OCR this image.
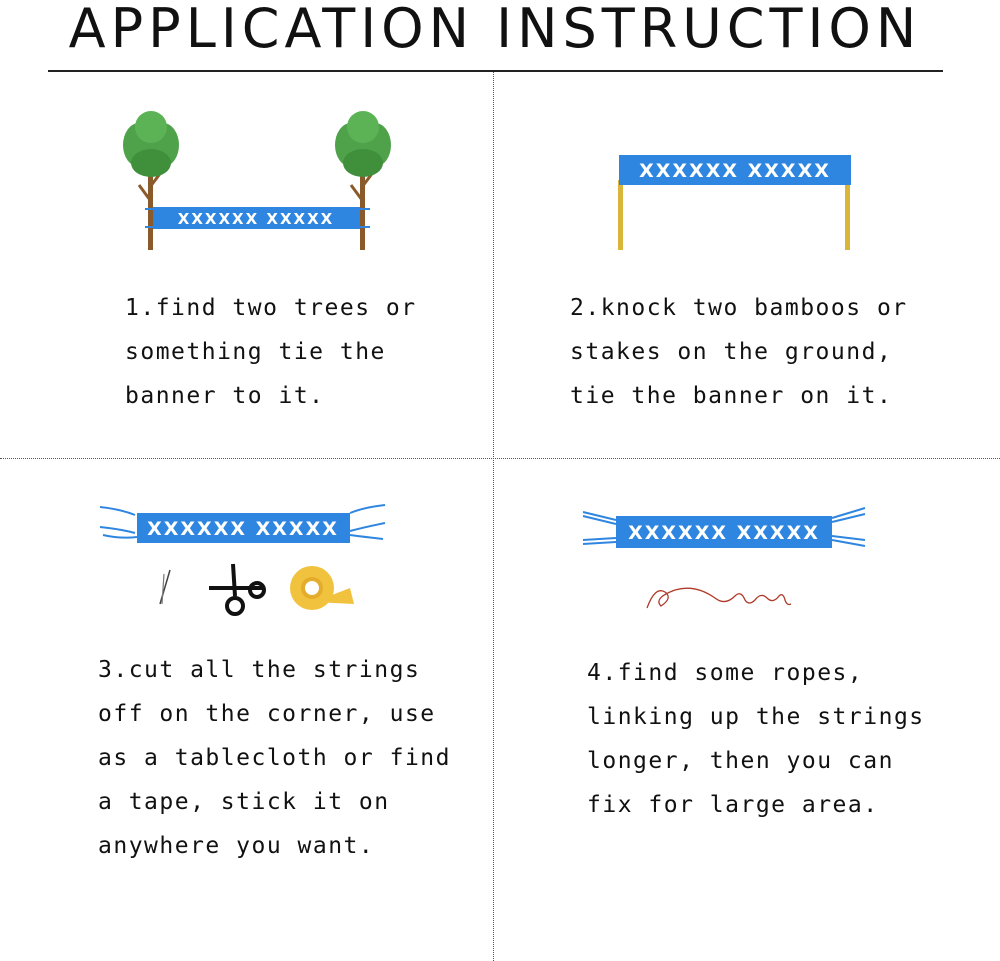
APPLICATION INSTRUCTION
XXXXXX XXXXX
XXXXXX XXXXX
XXXXXX XXXXX	XXXXXX XXXXX
1.find two trees or
something tie the
banner to it.
2.knock two bamboos or
stakes on the ground,
tie the banner on it.
3.cut all the strings
off on the corner, use
as a tablecloth or find
a tape, stick it on
anywhere you want.
4.find some ropes,
linking up the strings
longer, then you can
fix for large area.
